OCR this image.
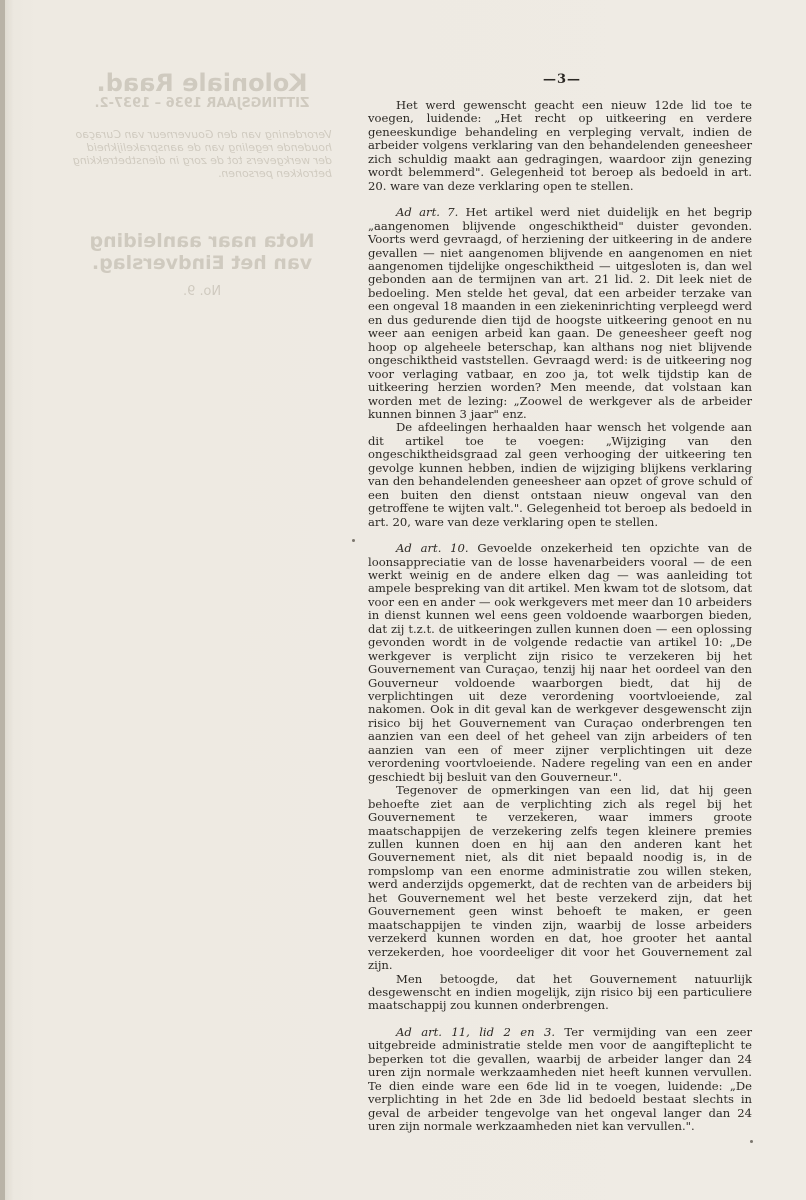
Koloniale Raad.
ZITTINGSJAAR 1936 – 1937-2.
Verordening van den Gouverneur van Curaçao houdende regeling van de aansprakelijkheid der werkgevers tot de zorg in dienstbetrekking betrokken personen.
Nota naar aanleiding van het Eindverslag.
No. 9.
—3—

Het werd gewenscht geacht een nieuw 12de lid toe te voegen, luidende: „Het recht op uitkeering en verdere geneeskundige behandeling en verpleging vervalt, indien de arbeider volgens verklaring van den behandelenden geneesheer zich schuldig maakt aan gedragingen, waardoor zijn genezing wordt belemmerd". Gelegenheid tot beroep als bedoeld in art. 20. ware van deze verklaring open te stellen.

Ad art. 7. Het artikel werd niet duidelijk en het begrip „aangenomen blijvende ongeschiktheid" duister gevonden. Voorts werd gevraagd, of herziening der uitkeering in de andere gevallen — niet aangenomen blijvende en aangenomen en niet aangenomen tijdelijke ongeschiktheid — uitgesloten is, dan wel gebonden aan de termijnen van art. 21 lid. 2. Dit leek niet de bedoeling. Men stelde het geval, dat een arbeider terzake van een ongeval 18 maanden in een ziekeninrichting verpleegd werd en dus gedurende dien tijd de hoogste uitkeering genoot en nu weer aan eenigen arbeid kan gaan. De geneesheer geeft nog hoop op algeheele beterschap, kan althans nog niet blijvende ongeschiktheid vaststellen. Gevraagd werd: is de uitkeering nog voor verlaging vatbaar, en zoo ja, tot welk tijdstip kan de uitkeering herzien worden? Men meende, dat volstaan kan worden met de lezing: „Zoowel de werkgever als de arbeider kunnen binnen 3 jaar" enz.

De afdeelingen herhaalden haar wensch het volgende aan dit artikel toe te voegen: „Wijziging van den ongeschiktheidsgraad zal geen verhooging der uitkeering ten gevolge kunnen hebben, indien de wijziging blijkens verklaring van den behandelenden geneesheer aan opzet of grove schuld of een buiten den dienst ontstaan nieuw ongeval van den getroffene te wijten valt.". Gelegenheid tot beroep als bedoeld in art. 20, ware van deze verklaring open te stellen.

Ad art. 10. Gevoelde onzekerheid ten opzichte van de loonsappreciatie van de losse havenarbeiders vooral — de een werkt weinig en de andere elken dag — was aanleiding tot ampele bespreking van dit artikel. Men kwam tot de slotsom, dat voor een en ander — ook werkgevers met meer dan 10 arbeiders in dienst kunnen wel eens geen voldoende waarborgen bieden, dat zij t.z.t. de uitkeeringen zullen kunnen doen — een oplossing gevonden wordt in de volgende redactie van artikel 10: „De werkgever is verplicht zijn risico te verzekeren bij het Gouvernement van Curaçao, tenzij hij naar het oordeel van den Gouverneur voldoende waarborgen biedt, dat hij de verplichtingen uit deze verordening voortvloeiende, zal nakomen. Ook in dit geval kan de werkgever desgewenscht zijn risico bij het Gouvernement van Curaçao onderbrengen ten aanzien van een deel of het geheel van zijn arbeiders of ten aanzien van een of meer zijner verplichtingen uit deze verordening voortvloeiende. Nadere regeling van een en ander geschiedt bij besluit van den Gouverneur.".

Tegenover de opmerkingen van een lid, dat hij geen behoefte ziet aan de verplichting zich als regel bij het Gouvernement te verzekeren, waar immers groote maatschappijen de verzekering zelfs tegen kleinere premies zullen kunnen doen en hij aan den anderen kant het Gouvernement niet, als dit niet bepaald noodig is, in de rompslomp van een enorme administratie zou willen steken, werd anderzijds opgemerkt, dat de rechten van de arbeiders bij het Gouvernement wel het beste verzekerd zijn, dat het Gouvernement geen winst behoeft te maken, er geen maatschappijen te vinden zijn, waarbij de losse arbeiders verzekerd kunnen worden en dat, hoe grooter het aantal verzekerden, hoe voordeeliger dit voor het Gouvernement zal zijn.

Men betoogde, dat het Gouvernement natuurlijk desgewenscht en indien mogelijk, zijn risico bij een particuliere maatschappij zou kunnen onderbrengen.

Ad art. 11, lid 2 en 3. Ter vermijding van een zeer uitgebreide administratie stelde men voor de aangifteplicht te beperken tot die gevallen, waarbij de arbeider langer dan 24 uren zijn normale werkzaamheden niet heeft kunnen vervullen. Te dien einde ware een 6de lid in te voegen, luidende: „De verplichting in het 2de en 3de lid bedoeld bestaat slechts in geval de arbeider tengevolge van het ongeval langer dan 24 uren zijn normale werkzaamheden niet kan vervullen.".
